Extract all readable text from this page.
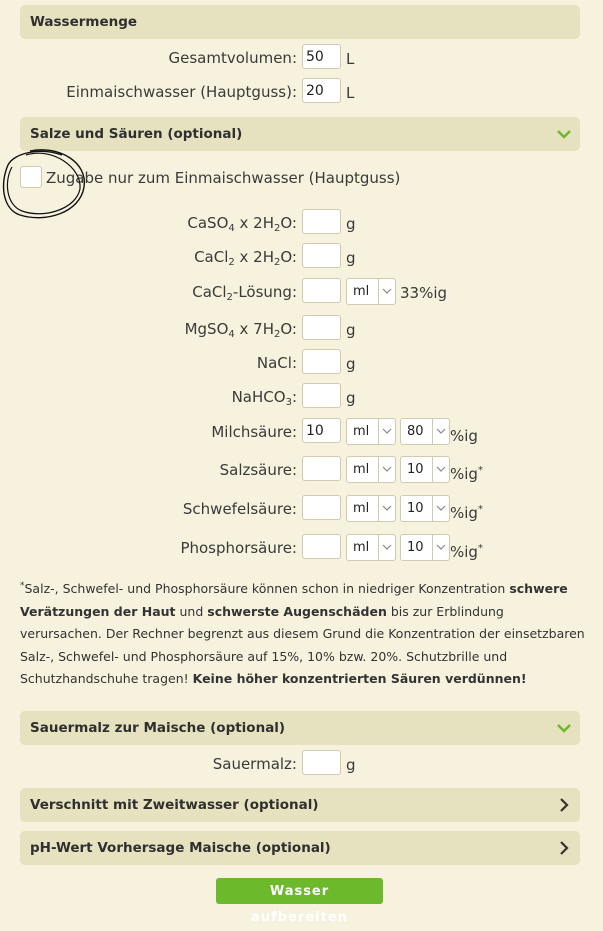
Wassermenge
Gesamtvolumen:
50	L
Einmaischwasser (Hauptguss):
20	L
Salze und Säuren (optional)
Zugabe nur zum Einmaischwasser (Hauptguss)
CaSO$_4$ x $2H_2O$:	g
CaCl$_2$ x $2H_2O$:	g
CaCl$_2$-Lösung:	ml 33%ig
MgSO$_4$ x $7H_2O$:	g
NaCl:	g
NaHCO$_3$:	g
Milchsäure:
10	ml	80 %ig
Salzsäure:	ml	10 %ig*
Schwefelsäure:	ml	10 %ig*
Phosphorsäure:	ml	10 %ig*
*Salz-, Schwefel- und Phosphorsäure können schon in niedriger Konzentration schwere Verätzungen der Haut und schwerste Augenschäden bis zur Erblindung verursachen. Der Rechner begrenzt aus diesem Grund die Konzentration der einsetzbaren Salz-, Schwefel- und Phosphorsäure auf 15%, 10% bzw. 20%. Schutzbrille und Schutzhandschuhe tragen! Keine höher konzentrierten Säuren verdünnen!
Sauermalz zur Maische (optional)
Sauermalz:	g
Verschnitt mit Zweitwasser (optional)
pH-Wert Vorhersage Maische (optional)
Wasser aufbereiten
